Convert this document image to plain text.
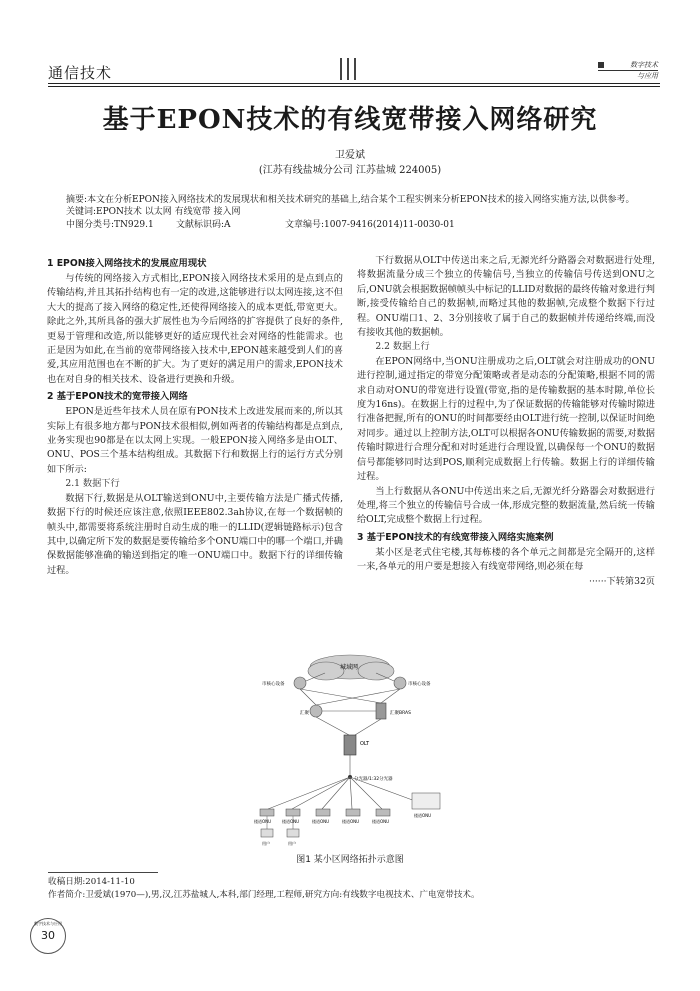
通信技术	数字技术
与应用
基于EPON技术的有线宽带接入网络研究
卫爱斌
(江苏有线盐城分公司 江苏盐城 224005)
摘要:本文在分析EPON接入网络技术的发展现状和相关技术研究的基础上,结合某个工程实例来分析EPON技术的接入网络实施方法,以供参考。
关键词:EPON技术 以太网 有线宽带 接入网
中图分类号:TN929.1 文献标识码:A	文章编号:1007-9416(2014)11-0030-01
1 EPON接入网络技术的发展应用现状

与传统的网络接入方式相比,EPON接入网络技术采用的是点到点的传输结构,并且其拓扑结构也有一定的改进,这能够进行以太网连接,这不但大大的提高了接入网络的稳定性,还使得网络接入的成本更低,带宽更大。除此之外,其所具备的强大扩展性也为今后网络的扩容提供了良好的条件,更易于管理和改造,所以能够更好的适应现代社会对网络的性能需求。也正是因为如此,在当前的宽带网络接入技术中,EPON越来越受到人们的喜爱,其应用范围也在不断的扩大。为了更好的满足用户的需求,EPON技术也在对自身的相关技术、设备进行更换和升级。

2 基于EPON技术的宽带接入网络

EPON是近些年技术人员在原有PON技术上改进发展而来的,所以其实际上有很多地方都与PON技术很相似,例如两者的传输结构都是点到点,业务实现也90都是在以太网上实现。一般EPON接入网络多是由OLT、ONU、POS三个基本结构组成。其数据下行和数据上行的运行方式分别如下所示:

2.1 数据下行

数据下行,数据是从OLT输送到ONU中,主要传输方法是广播式传播,数据下行的时候还应该注意,依照IEEE802.3ah协议,在每一个数据帧的帧头中,都需要将系统注册时自动生成的唯一的LLID(逻辑链路标示)包含其中,以确定所下发的数据是要传输给多个ONU端口中的哪一个端口,并确保数据能够准确的输送到指定的唯一ONU端口中。数据下行的详细传输过程。

下行数据从OLT中传送出来之后,无源光纤分路器会对数据进行处理,将数据流量分成三个独立的传输信号,当独立的传输信号传送到ONU之后,ONU就会根据数据帧帧头中标记的LLID对数据的最终传输对象进行判断,接受传输给自己的数据帧,而略过其他的数据帧,完成整个数据下行过程。ONU端口1、2、3分别接收了属于自己的数据帧并传递给终端,而没有接收其他的数据帧。

2.2 数据上行

在EPON网络中,当ONU注册成功之后,OLT就会对注册成功的ONU进行控制,通过指定的带宽分配策略或者是动态的分配策略,根据不同的需求自动对ONU的带宽进行设置(带宽,指的是传输数据的基本时隙,单位长度为16ns)。在数据上行的过程中,为了保证数据的传输能够对传输时隙进行准备把握,所有的ONU的时间都要经由OLT进行统一控制,以保证时间绝对同步。通过以上控制方法,OLT可以根据各ONU传输数据的需要,对数据传输时隙进行合理分配和对时延进行合理设置,以确保每一个ONU的数据信号都能够同时达到POS,顺利完成数据上行传输。数据上行的详细传输过程。

当上行数据从各ONU中传送出来之后,无源光纤分路器会对数据进行处理,将三个独立的传输信号合成一体,形成完整的数据流量,然后统一传输给OLT,完成整个数据上行过程。

3 基于EPON技术的有线宽带接入网络实施案例

某小区是老式住宅楼,其每栋楼的各个单元之间都是完全隔开的,这样一来,各单元的用户要是想接入有线宽带网络,则必须在每

······下转第32页
城域网
市核心设备	市核心设备
汇聚	汇聚BRAS
OLT
分光器/1:32分光器
楼道ONU	楼道ONU	楼道ONU	楼道ONU	楼道ONU
楼道ONU
用户	用户
图1 某小区网络拓扑示意图
收稿日期:2014-11-10
作者简介:卫爱斌(1970—),男,汉,江苏盐城人,本科,部门经理,工程师,研究方向:有线数字电视技术、广电宽带技术。
数字技术与应用
30
